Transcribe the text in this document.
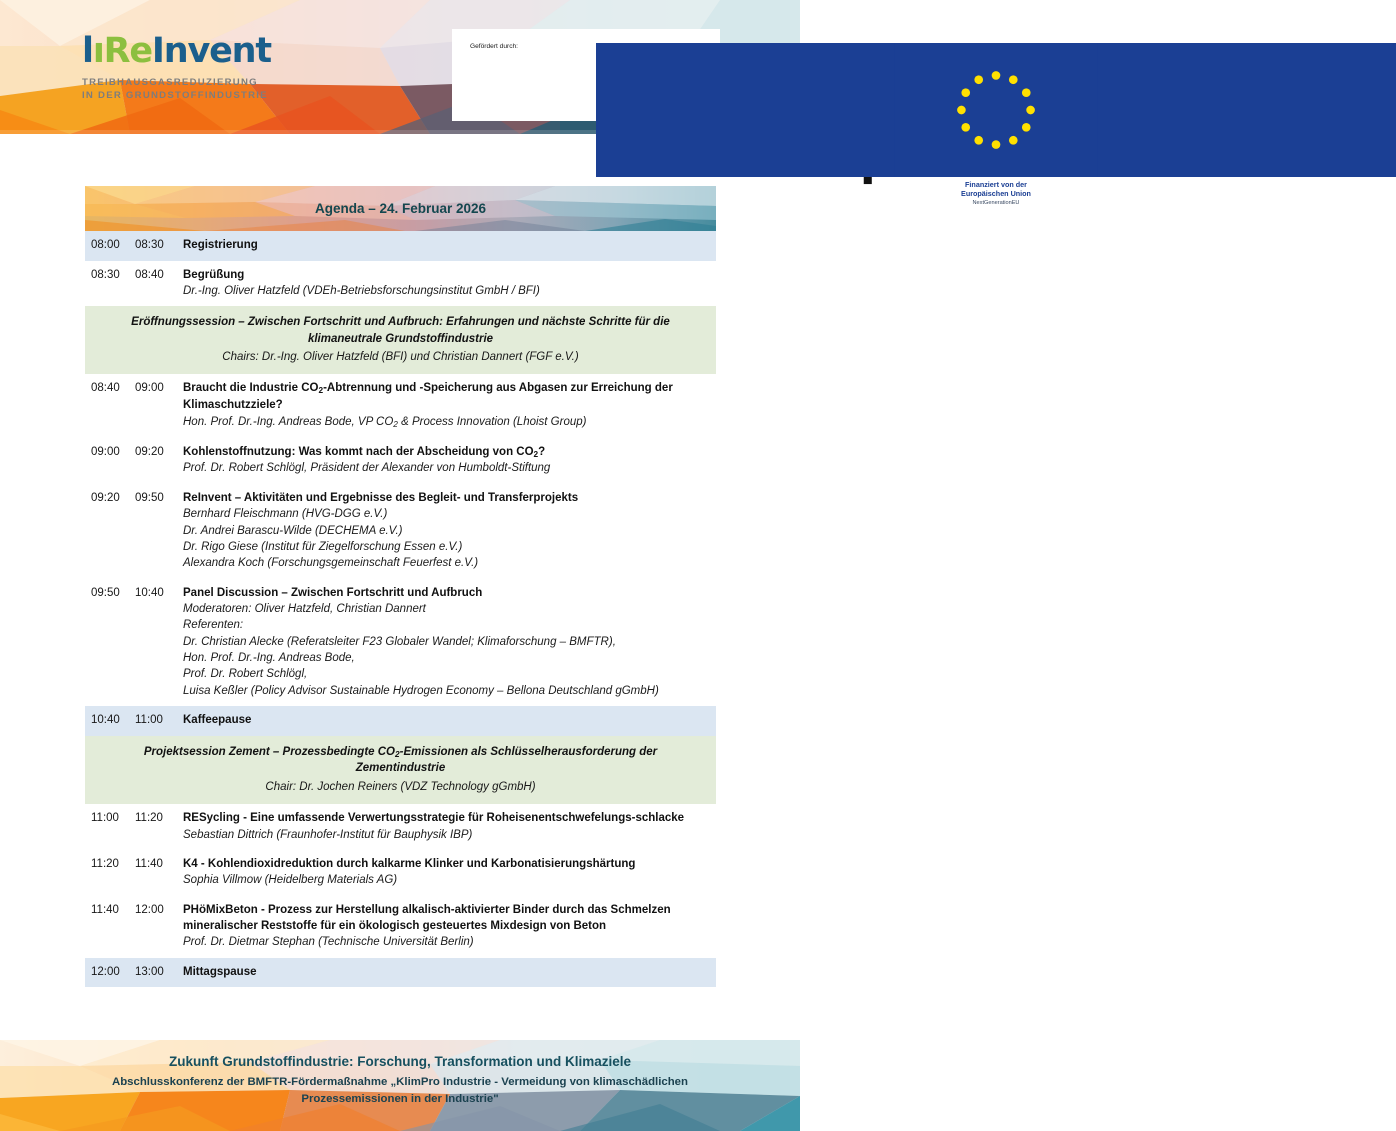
lıReInvent
TREIBHAUSGASREDUZIERUNG
IN DER GRUNDSTOFFINDUSTRIE
Gefördert durch:
Bundesministerium
für Forschung, Technologie
und Raumfahrt
Finanziert von der
Europäischen Union
NextGenerationEU
Agenda – 24. Februar 2026
08:00	08:30	Registrierung
08:30	08:40	Begrüßung
Dr.-Ing. Oliver Hatzfeld (VDEh-Betriebsforschungsinstitut GmbH / BFI)
Eröffnungssession – Zwischen Fortschritt und Aufbruch: Erfahrungen und nächste Schritte für die klimaneutrale Grundstoffindustrie
Chairs: Dr.-Ing. Oliver Hatzfeld (BFI) und Christian Dannert (FGF e.V.)
08:40	09:00	Braucht die Industrie $CO_2$-Abtrennung und -Speicherung aus Abgasen zur Erreichung der Klimaschutzziele?
Hon. Prof. Dr.-Ing. Andreas Bode, VP $CO_2$ & Process Innovation (Lhoist Group)
09:00	09:20	Kohlenstoffnutzung: Was kommt nach der Abscheidung von $CO_2$?
Prof. Dr. Robert Schlögl, Präsident der Alexander von Humboldt-Stiftung
09:20	09:50	ReInvent – Aktivitäten und Ergebnisse des Begleit- und Transferprojekts
Bernhard Fleischmann (HVG-DGG e.V.)
Dr. Andrei Barascu-Wilde (DECHEMA e.V.)
Dr. Rigo Giese (Institut für Ziegelforschung Essen e.V.)
Alexandra Koch (Forschungsgemeinschaft Feuerfest e.V.)
09:50	10:40	Panel Discussion – Zwischen Fortschritt und Aufbruch
Moderatoren: Oliver Hatzfeld, Christian Dannert
Referenten:
Dr. Christian Alecke (Referatsleiter F23 Globaler Wandel; Klimaforschung – BMFTR),
Hon. Prof. Dr.-Ing. Andreas Bode,
Prof. Dr. Robert Schlögl,
Luisa Keßler (Policy Advisor Sustainable Hydrogen Economy – Bellona Deutschland gGmbH)
10:40	11:00	Kaffeepause
Projektsession Zement – Prozessbedingte $CO_2$-Emissionen als Schlüsselherausforderung der Zementindustrie
Chair: Dr. Jochen Reiners (VDZ Technology gGmbH)
11:00	11:20	RESycling - Eine umfassende Verwertungsstrategie für Roheisenentschwefelungs-schlacke
Sebastian Dittrich (Fraunhofer-Institut für Bauphysik IBP)
11:20	11:40	K4 - Kohlendioxidreduktion durch kalkarme Klinker und Karbonatisierungshärtung
Sophia Villmow (Heidelberg Materials AG)
11:40	12:00	PHöMixBeton - Prozess zur Herstellung alkalisch-aktivierter Binder durch das Schmelzen mineralischer Reststoffe für ein ökologisch gesteuertes Mixdesign von Beton
Prof. Dr. Dietmar Stephan (Technische Universität Berlin)
12:00	13:00	Mittagspause
Zukunft Grundstoffindustrie: Forschung, Transformation und Klimaziele
Abschlusskonferenz der BMFTR-Fördermaßnahme „KlimPro Industrie - Vermeidung von klimaschädlichen Prozessemissionen in der Industrie"
